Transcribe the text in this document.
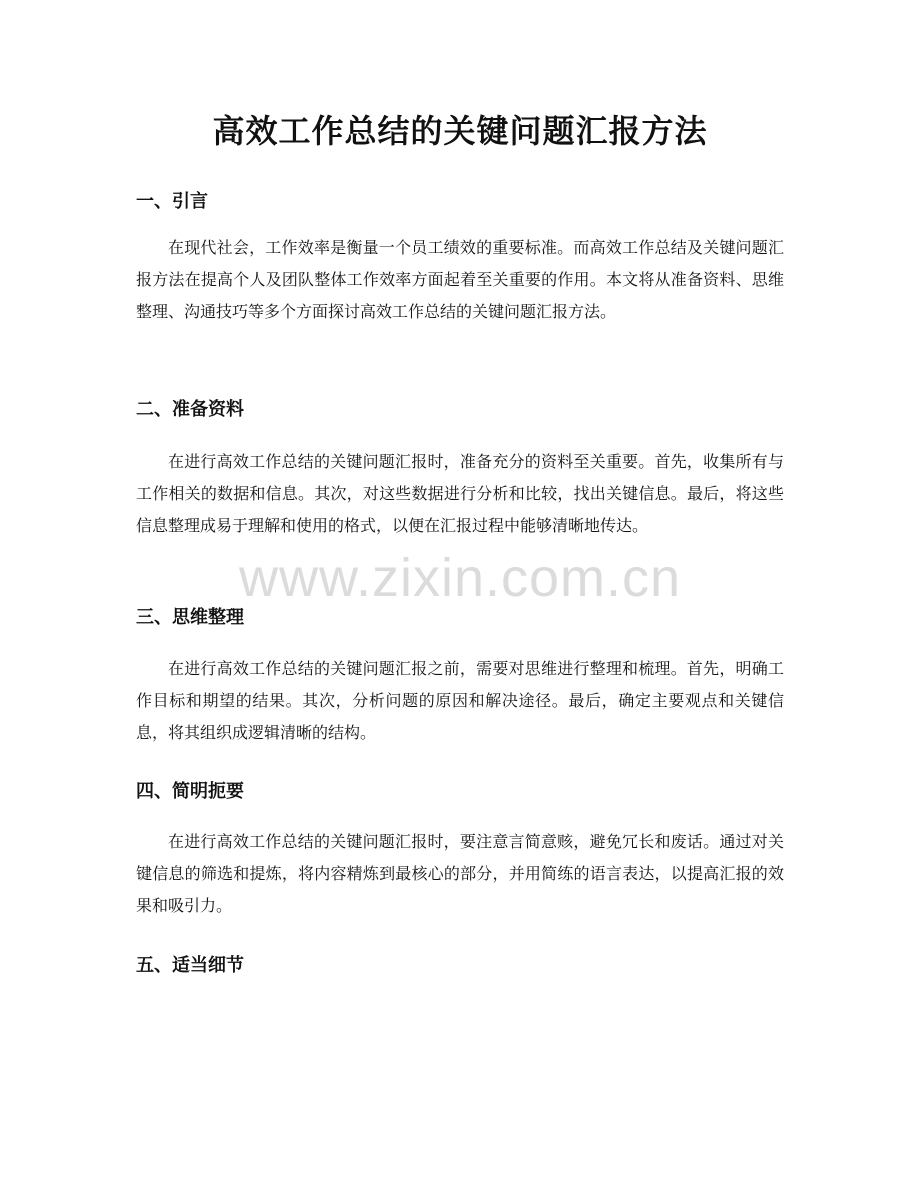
高效工作总结的关键问题汇报方法
一、引言
在现代社会，工作效率是衡量一个员工绩效的重要标准。而高效工作总结及关键问题汇报方法在提高个人及团队整体工作效率方面起着至关重要的作用。本文将从准备资料、思维整理、沟通技巧等多个方面探讨高效工作总结的关键问题汇报方法。
二、准备资料
在进行高效工作总结的关键问题汇报时，准备充分的资料至关重要。首先，收集所有与工作相关的数据和信息。其次，对这些数据进行分析和比较，找出关键信息。最后，将这些信息整理成易于理解和使用的格式，以便在汇报过程中能够清晰地传达。
www.zixin.com.cn
三、思维整理
在进行高效工作总结的关键问题汇报之前，需要对思维进行整理和梳理。首先，明确工作目标和期望的结果。其次，分析问题的原因和解决途径。最后，确定主要观点和关键信息，将其组织成逻辑清晰的结构。
四、简明扼要
在进行高效工作总结的关键问题汇报时，要注意言简意赅，避免冗长和废话。通过对关键信息的筛选和提炼，将内容精炼到最核心的部分，并用简练的语言表达，以提高汇报的效果和吸引力。
五、适当细节
